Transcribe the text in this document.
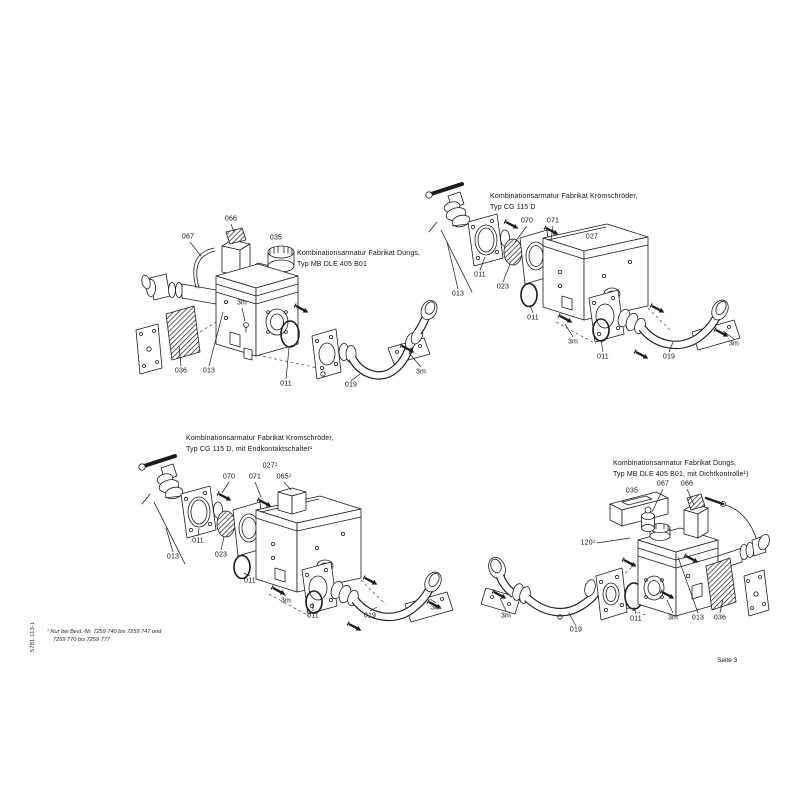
Kombinationsarmatur Fabrikat Dungs,
Typ MB DLE 405 B01
Kombinationsarmatur Fabrikat Kromschröder,
Typ CG 115 D
Kombinationsarmatur Fabrikat Kromschröder,
Typ CG 115 D, mit Endkontaktschalter¹
Kombinationsarmatur Fabrikat Dungs,
Typ MB DLE 405 B01, mit Dichtkontrolle¹)
066
067	035
3m
036 013
011	019
3m
070 071
027
011
023
013
011
3m
011	019
3m
027¹
070 071 065¹
011
023
013
011
3m
011	019
3m
035
067 066
120¹
3m
019
011	3m 013 036
5781 113-1 ¹ Nur bei Best.-Nr. 7259 740 bis 7259 747 und
7259 770 bis 7259 777
Seite 3
